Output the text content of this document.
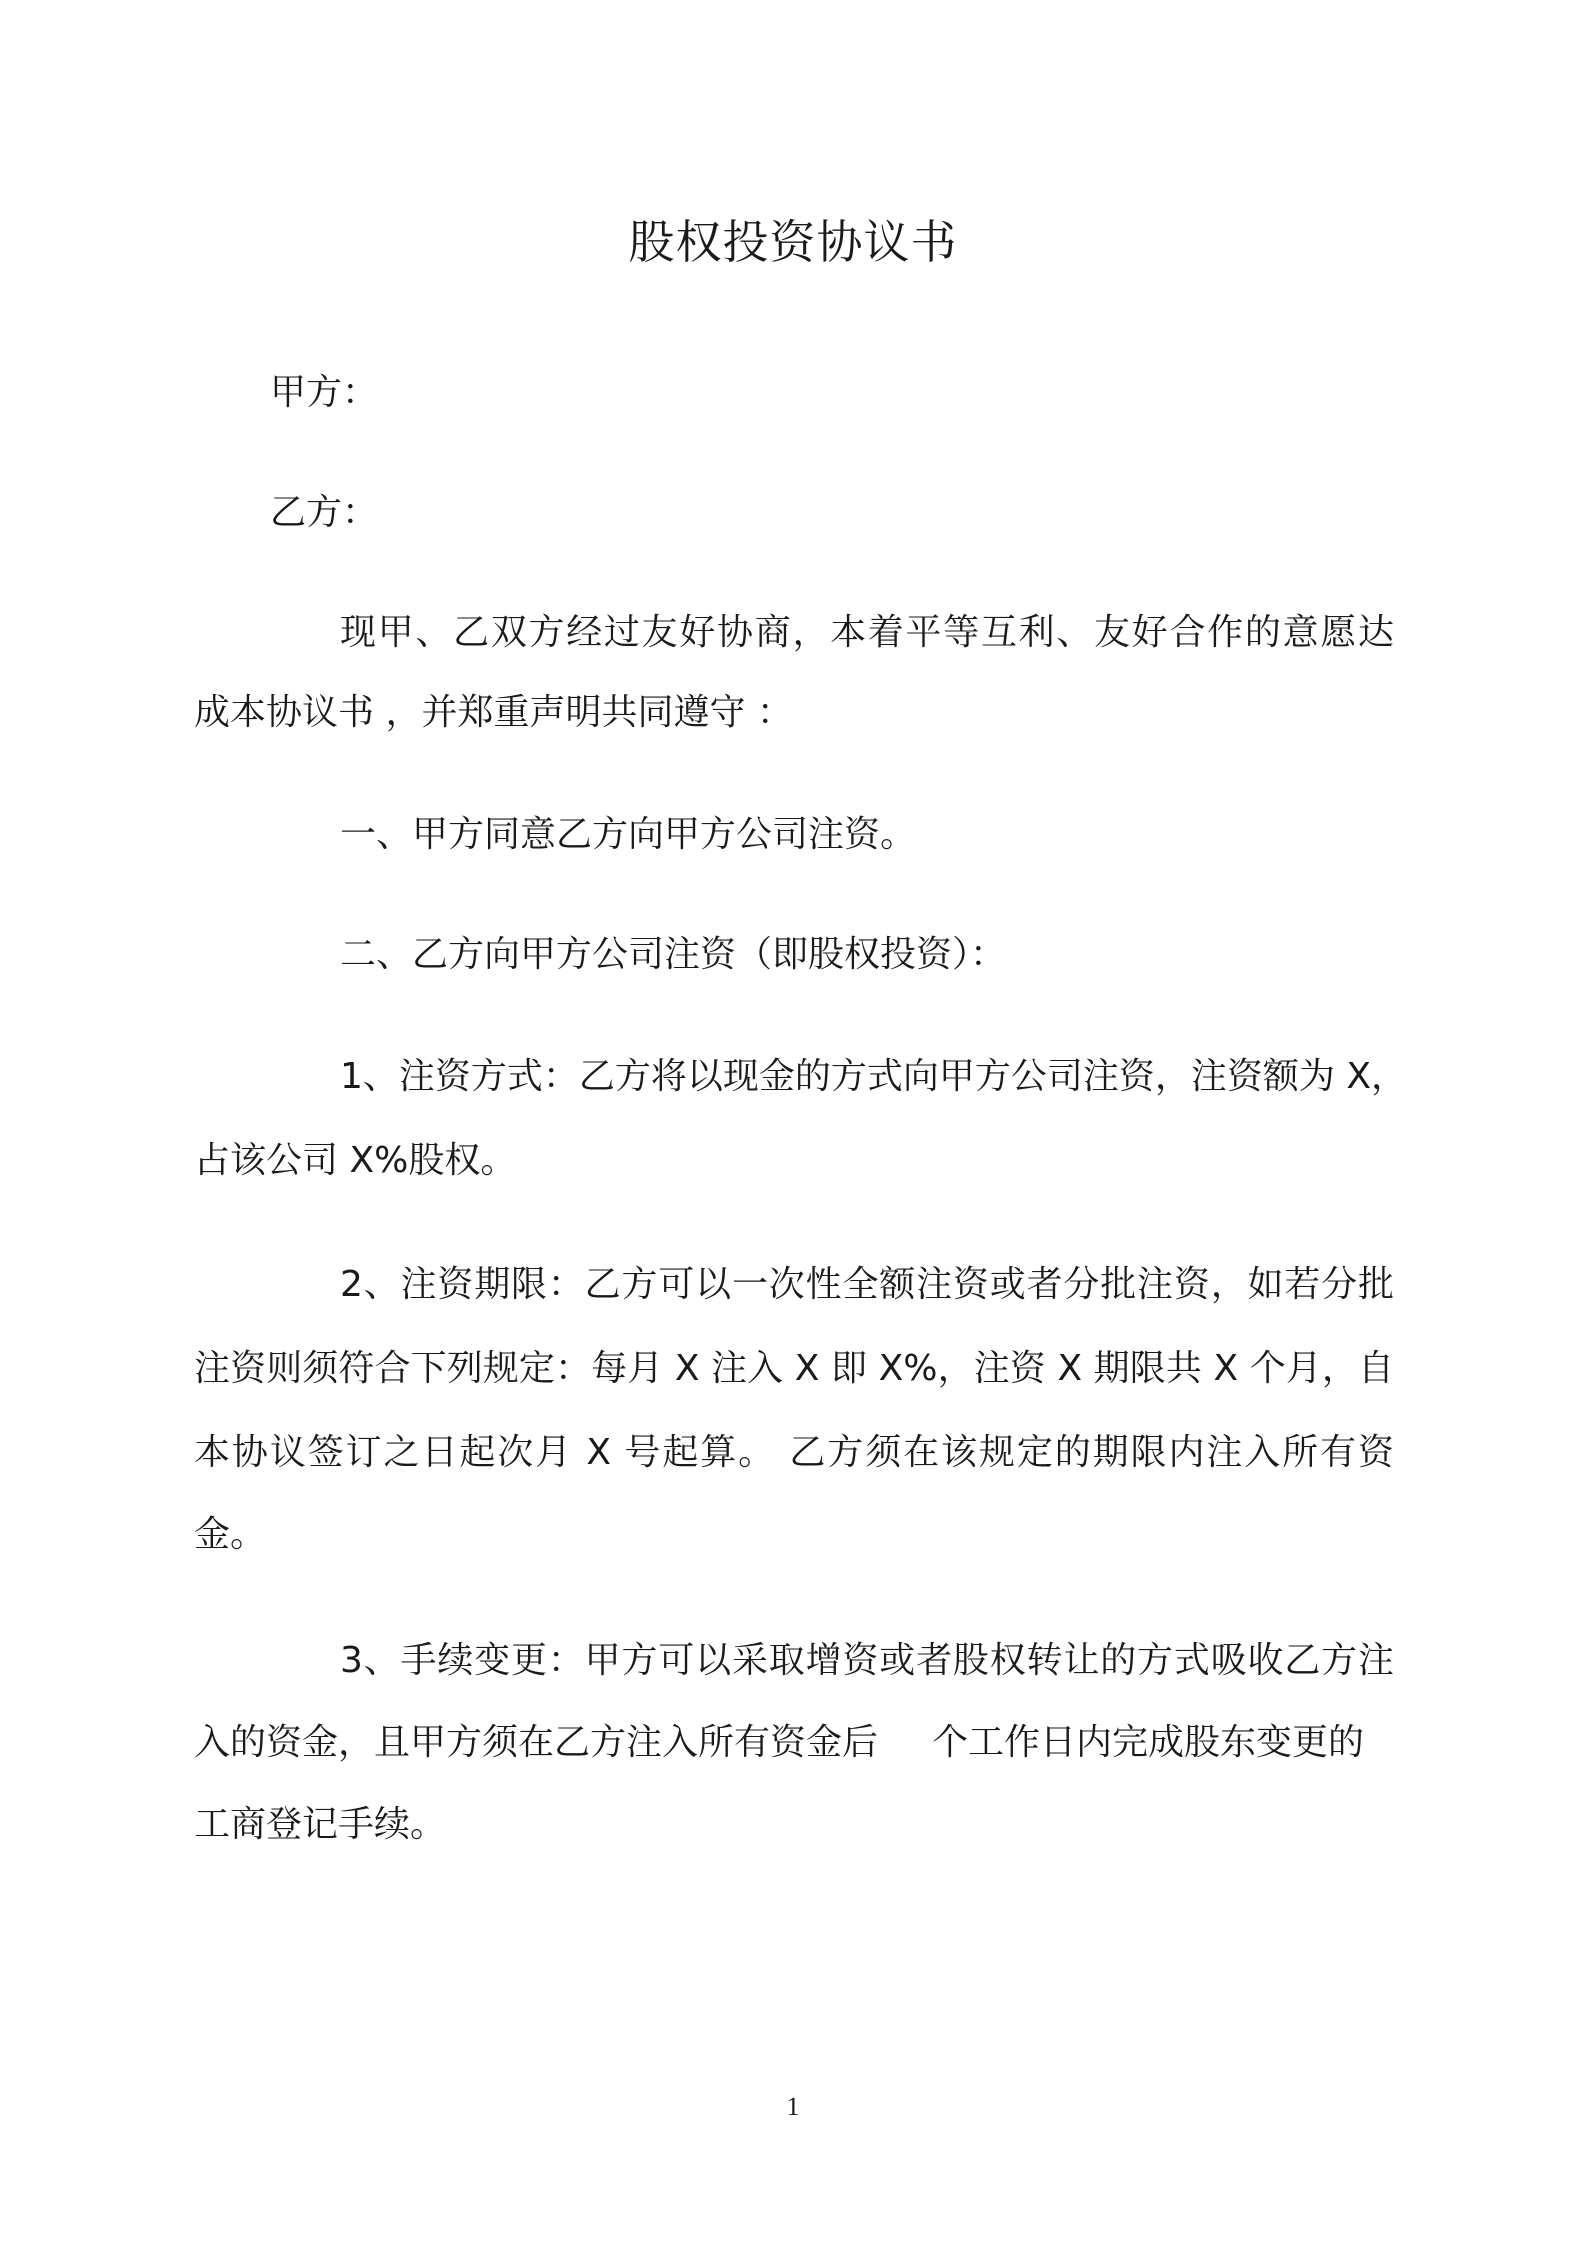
股权投资协议书
甲方：
乙方：
现甲、乙双方经过友好协商，本着平等互利、友好合作的意愿达
成本协议书 ，并郑重声明共同遵守 ：
一、甲方同意乙方向甲方公司注资。
二、乙方向甲方公司注资（即股权投资）：
1、注资方式：乙方将以现金的方式向甲方公司注资，注资额为 X，
占该公司 X%股权。
2、注资期限：乙方可以一次性全额注资或者分批注资，如若分批
注资则须符合下列规定：每月 X 注入 X 即 X%，注资 X 期限共 X 个月，自
本协议签订之日起次月 X 号起算。 乙方须在该规定的期限内注入所有资
金。
3、手续变更：甲方可以采取增资或者股权转让的方式吸收乙方注
入的资金，且甲方须在乙方注入所有资金后 个工作日内完成股东变更的
工商登记手续。
1
